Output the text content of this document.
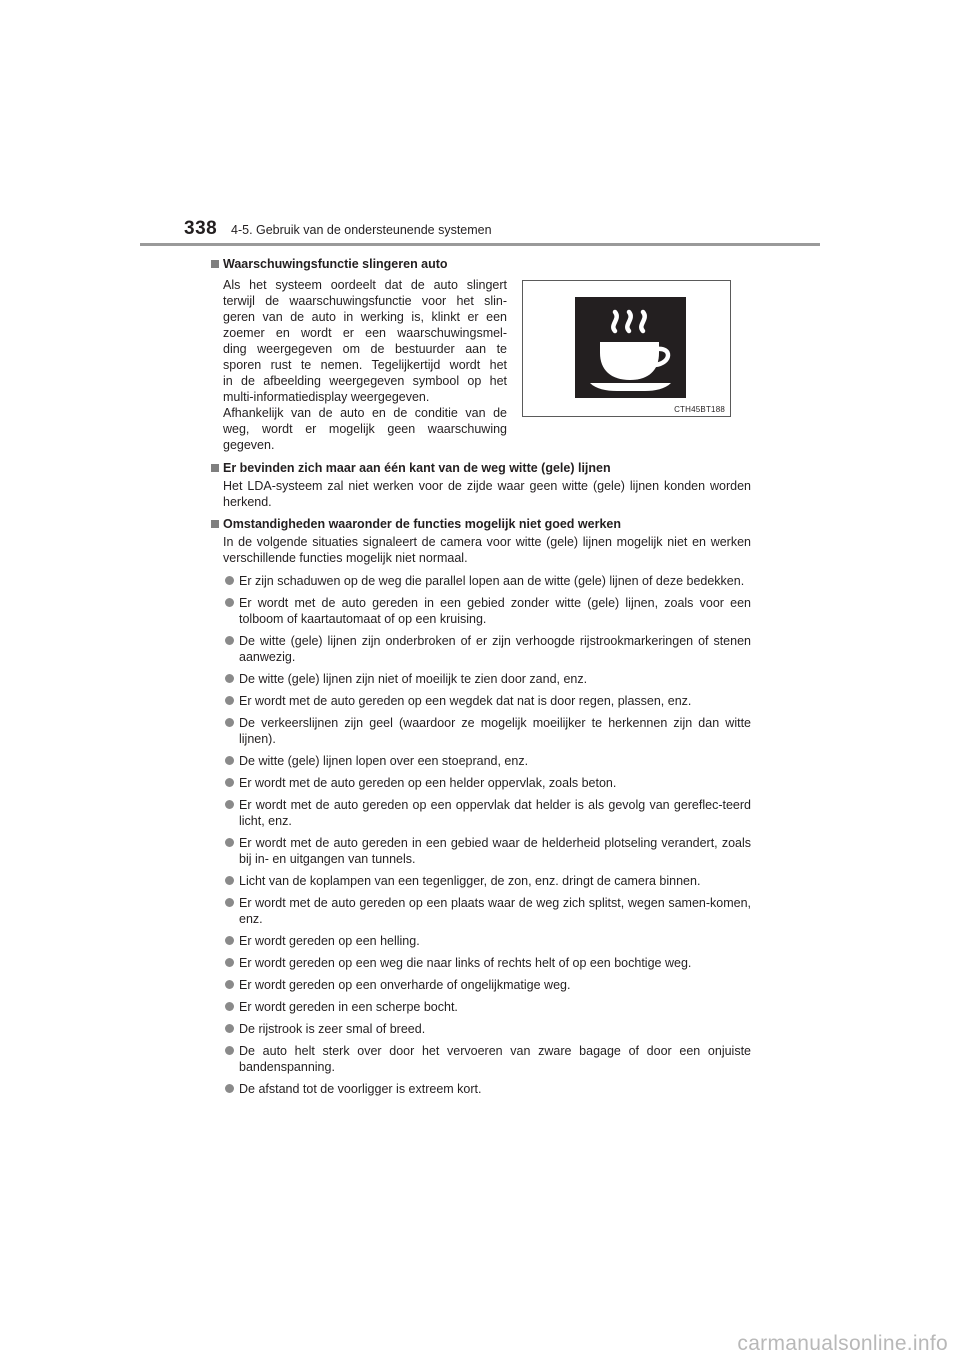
338 4-5. Gebruik van de ondersteunende systemen
CTH45BT188
Waarschuwingsfunctie slingeren auto
Als het systeem oordeelt dat de auto slingert
terwijl de waarschuwingsfunctie voor het slin-
geren van de auto in werking is, klinkt er een
zoemer en wordt er een waarschuwingsmel-
ding weergegeven om de bestuurder aan te
sporen rust te nemen. Tegelijkertijd wordt het
in de afbeelding weergegeven symbool op het
multi-informatiedisplay weergegeven.
Afhankelijk van de auto en de conditie van de
weg, wordt er mogelijk geen waarschuwing
gegeven.
Er bevinden zich maar aan één kant van de weg witte (gele) lijnen
Het LDA-systeem zal niet werken voor de zijde waar geen witte (gele) lijnen konden worden herkend.
Omstandigheden waaronder de functies mogelijk niet goed werken
In de volgende situaties signaleert de camera voor witte (gele) lijnen mogelijk niet en werken verschillende functies mogelijk niet normaal.
Er zijn schaduwen op de weg die parallel lopen aan de witte (gele) lijnen of deze bedekken.
Er wordt met de auto gereden in een gebied zonder witte (gele) lijnen, zoals voor een tolboom of kaartautomaat of op een kruising.
De witte (gele) lijnen zijn onderbroken of er zijn verhoogde rijstrookmarkeringen of stenen aanwezig.
De witte (gele) lijnen zijn niet of moeilijk te zien door zand, enz.
Er wordt met de auto gereden op een wegdek dat nat is door regen, plassen, enz.
De verkeerslijnen zijn geel (waardoor ze mogelijk moeilijker te herkennen zijn dan witte lijnen).
De witte (gele) lijnen lopen over een stoeprand, enz.
Er wordt met de auto gereden op een helder oppervlak, zoals beton.
Er wordt met de auto gereden op een oppervlak dat helder is als gevolg van gereflec-teerd licht, enz.
Er wordt met de auto gereden in een gebied waar de helderheid plotseling verandert, zoals bij in- en uitgangen van tunnels.
Licht van de koplampen van een tegenligger, de zon, enz. dringt de camera binnen.
Er wordt met de auto gereden op een plaats waar de weg zich splitst, wegen samen-komen, enz.
Er wordt gereden op een helling.
Er wordt gereden op een weg die naar links of rechts helt of op een bochtige weg.
Er wordt gereden op een onverharde of ongelijkmatige weg.
Er wordt gereden in een scherpe bocht.
De rijstrook is zeer smal of breed.
De auto helt sterk over door het vervoeren van zware bagage of door een onjuiste bandenspanning.
De afstand tot de voorligger is extreem kort.
carmanualsonline.info
